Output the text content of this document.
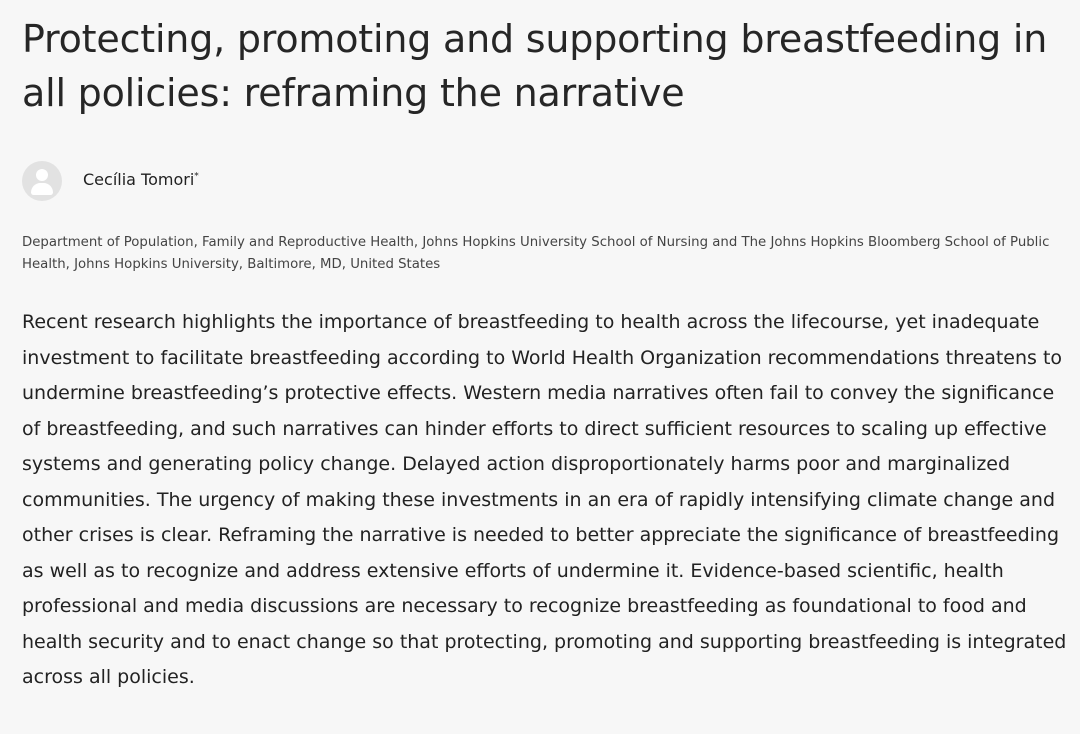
Protecting, promoting and supporting breastfeeding in all policies: reframing the narrative
Cecília Tomori*

Department of Population, Family and Reproductive Health, Johns Hopkins University School of Nursing and The Johns Hopkins Bloomberg School of Public Health, Johns Hopkins University, Baltimore, MD, United States

Recent research highlights the importance of breastfeeding to health across the lifecourse, yet inadequate investment to facilitate breastfeeding according to World Health Organization recommendations threatens to undermine breastfeeding’s protective effects. Western media narratives often fail to convey the significance of breastfeeding, and such narratives can hinder efforts to direct sufficient resources to scaling up effective systems and generating policy change. Delayed action disproportionately harms poor and marginalized communities. The urgency of making these investments in an era of rapidly intensifying climate change and other crises is clear. Reframing the narrative is needed to better appreciate the significance of breastfeeding as well as to recognize and address extensive efforts of undermine it. Evidence-based scientific, health professional and media discussions are necessary to recognize breastfeeding as foundational to food and health security and to enact change so that protecting, promoting and supporting breastfeeding is integrated across all policies.
